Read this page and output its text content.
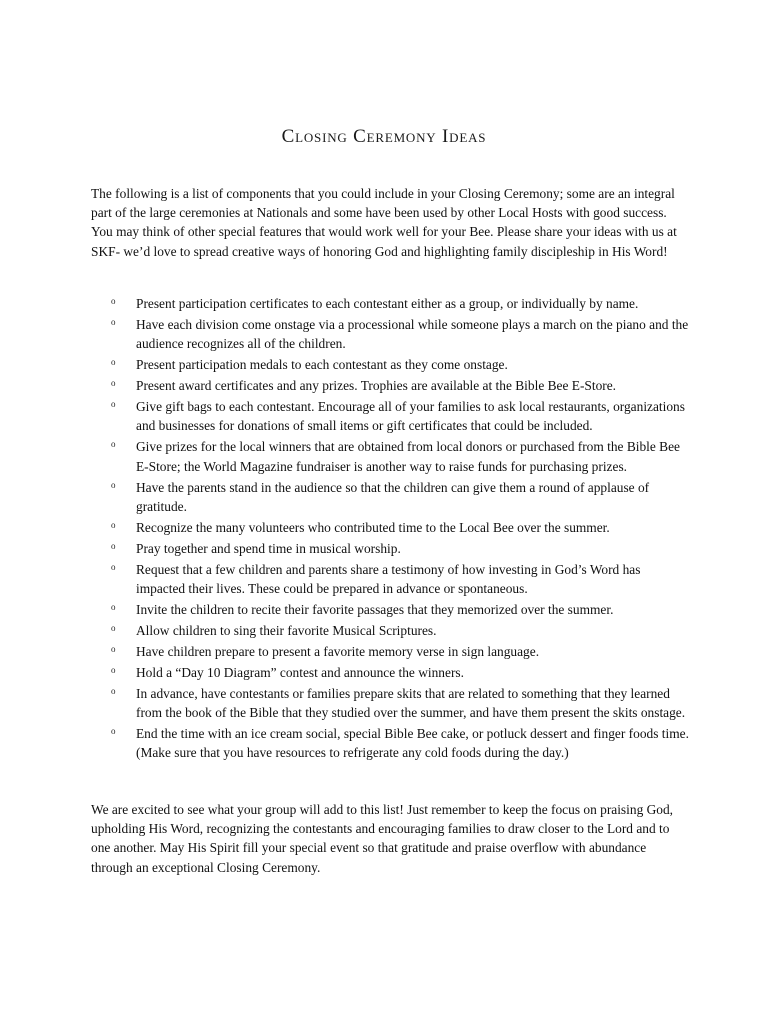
Closing Ceremony Ideas

The following is a list of components that you could include in your Closing Ceremony; some are an integral part of the large ceremonies at Nationals and some have been used by other Local Hosts with good success. You may think of other special features that would work well for your Bee. Please share your ideas with us at SKF- we’d love to spread creative ways of honoring God and highlighting family discipleship in His Word!

o Present participation certificates to each contestant either as a group, or individually by name.
o Have each division come onstage via a processional while someone plays a march on the piano and the audience recognizes all of the children.
o Present participation medals to each contestant as they come onstage.
o Present award certificates and any prizes. Trophies are available at the Bible Bee E-Store.
o Give gift bags to each contestant. Encourage all of your families to ask local restaurants, organizations and businesses for donations of small items or gift certificates that could be included.
o Give prizes for the local winners that are obtained from local donors or purchased from the Bible Bee E-Store; the World Magazine fundraiser is another way to raise funds for purchasing prizes.
o Have the parents stand in the audience so that the children can give them a round of applause of gratitude.
o Recognize the many volunteers who contributed time to the Local Bee over the summer.
o Pray together and spend time in musical worship.
o Request that a few children and parents share a testimony of how investing in God’s Word has impacted their lives. These could be prepared in advance or spontaneous.
o Invite the children to recite their favorite passages that they memorized over the summer.
o Allow children to sing their favorite Musical Scriptures.
o Have children prepare to present a favorite memory verse in sign language.
o Hold a “Day 10 Diagram” contest and announce the winners.
o In advance, have contestants or families prepare skits that are related to something that they learned from the book of the Bible that they studied over the summer, and have them present the skits onstage.
o End the time with an ice cream social, special Bible Bee cake, or potluck dessert and finger foods time. (Make sure that you have resources to refrigerate any cold foods during the day.)

We are excited to see what your group will add to this list! Just remember to keep the focus on praising God, upholding His Word, recognizing the contestants and encouraging families to draw closer to the Lord and to one another. May His Spirit fill your special event so that gratitude and praise overflow with abundance through an exceptional Closing Ceremony.
